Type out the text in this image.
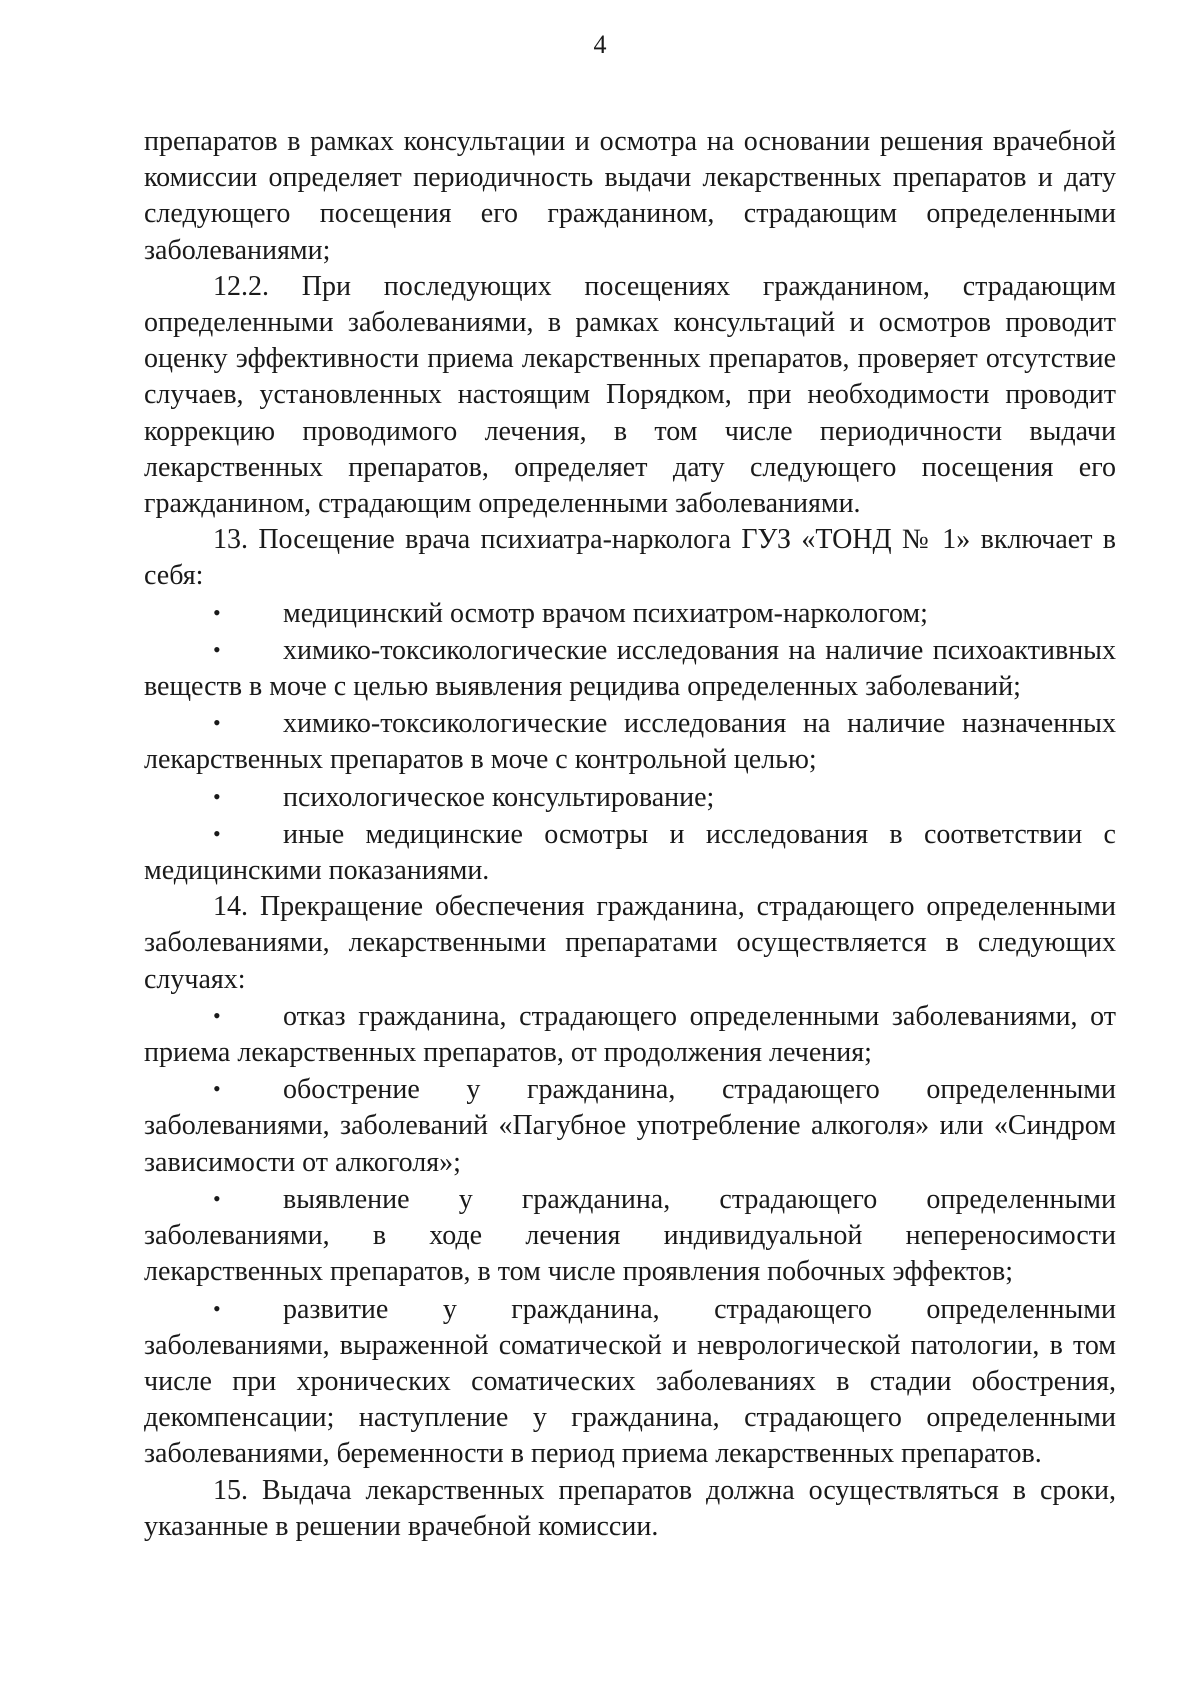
4

препаратов в рамках консультации и осмотра на основании решения врачебной комиссии определяет периодичность выдачи лекарственных препаратов и дату следующего посещения его гражданином, страдающим определенными заболеваниями;

12.2. При последующих посещениях гражданином, страдающим определенными заболеваниями, в рамках консультаций и осмотров проводит оценку эффективности приема лекарственных препаратов, проверяет отсутствие случаев, установленных настоящим Порядком, при необходимости проводит коррекцию проводимого лечения, в том числе периодичности выдачи лекарственных препаратов, определяет дату следующего посещения его гражданином, страдающим определенными заболеваниями.

13. Посещение врача психиатра-нарколога ГУЗ «ТОНД № 1» включает в себя:

• медицинский осмотр врачом психиатром-наркологом;
• химико-токсикологические исследования на наличие психоактивных веществ в моче с целью выявления рецидива определенных заболеваний;
• химико-токсикологические исследования на наличие назначенных лекарственных препаратов в моче с контрольной целью;
• психологическое консультирование;
• иные медицинские осмотры и исследования в соответствии с медицинскими показаниями.

14. Прекращение обеспечения гражданина, страдающего определенными заболеваниями, лекарственными препаратами осуществляется в следующих случаях:

• отказ гражданина, страдающего определенными заболеваниями, от приема лекарственных препаратов, от продолжения лечения;
• обострение у гражданина, страдающего определенными заболеваниями, заболеваний «Пагубное употребление алкоголя» или «Синдром зависимости от алкоголя»;
• выявление у гражданина, страдающего определенными заболеваниями, в ходе лечения индивидуальной непереносимости лекарственных препаратов, в том числе проявления побочных эффектов;
• развитие у гражданина, страдающего определенными заболеваниями, выраженной соматической и неврологической патологии, в том числе при хронических соматических заболеваниях в стадии обострения, декомпенсации; наступление у гражданина, страдающего определенными заболеваниями, беременности в период приема лекарственных препаратов.

15. Выдача лекарственных препаратов должна осуществляться в сроки, указанные в решении врачебной комиссии.
